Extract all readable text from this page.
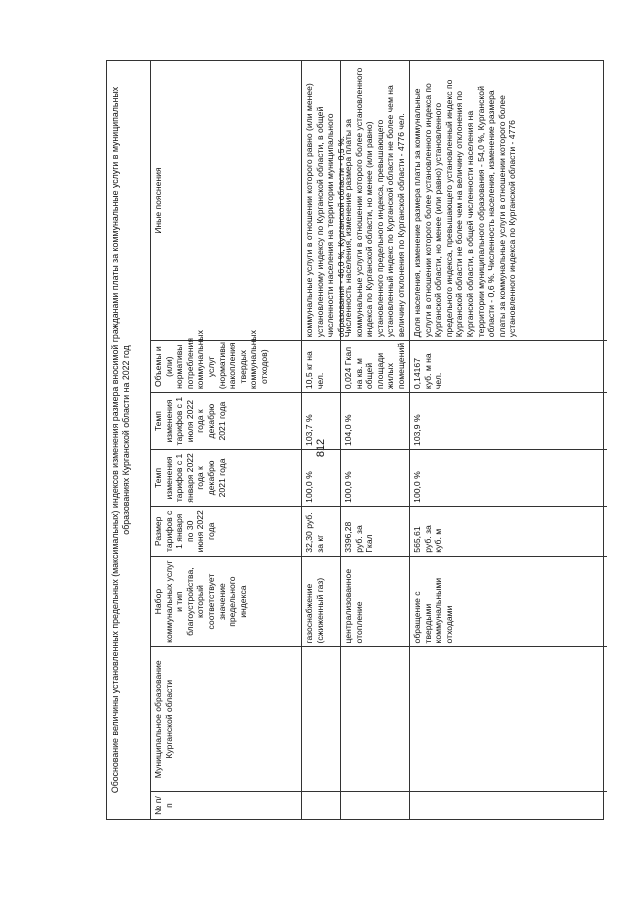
812
Обоснование величины установленных предельных (максимальных) индексов изменения размера вносимой гражданами платы за коммунальные услуги в муниципальных образованиях Курганской области на 2022 год
№ п/п
Муниципальное образование Курганской области
Набор коммунальных услуг и тип благоустройства, который соответствует значение предельного индекса
Размер тарифов с 1 января по 30 июня 2022 года
Темп изменения тарифов с 1 января 2022 года к декабрю 2021 года
Темп изменения тарифов с 1 июля 2022 года к декабрю 2021 года
Объемы и (или) нормативы потребления коммунальных услуг (нормативы накопления твердых коммунальных отходов)
Иные пояснения
газоснабжение (сжиженный газ)
32,30 руб. за кг
100,0 %
103,7 %
10,5 кг на чел.
коммунальные услуги в отношении которого равно (или менее) установленному индексу по Курганской области, в общей численности населения на территории муниципального образования - 46,0 %, Курганской области - 0,5 %.
централизованное отопление
3396,28 руб. за Гкал
100,0 %
104,0 %
0,024 Гкал на кв. м общей площади жилых помещений
Численность населения, изменение размера платы за коммунальные услуги в отношении которого более установленного индекса по Курганской области, но менее (или равно) установленного предельного индекса, превышающего установленный индекс по Курганской области не более чем на величину отклонения по Курганской области - 4776 чел.
обращение с твердыми коммунальными отходами
565,61 руб. за куб. м
100,0 %
103,9 %
0,14167 куб. м на чел.
Доля населения, изменение размера платы за коммунальные услуги в отношении которого более установленного индекса по Курганской области, но менее (или равно) установленного предельного индекса, превышающего установленный индекс по Курганской области не более чем на величину отклонения по Курганской области, в общей численности населения на территории муниципального образования - 54,0 %, Курганской области - 0,6 %. Численность населения, изменение размера платы за коммунальные услуги в отношении которого более установленного индекса по Курганской области - 4776
